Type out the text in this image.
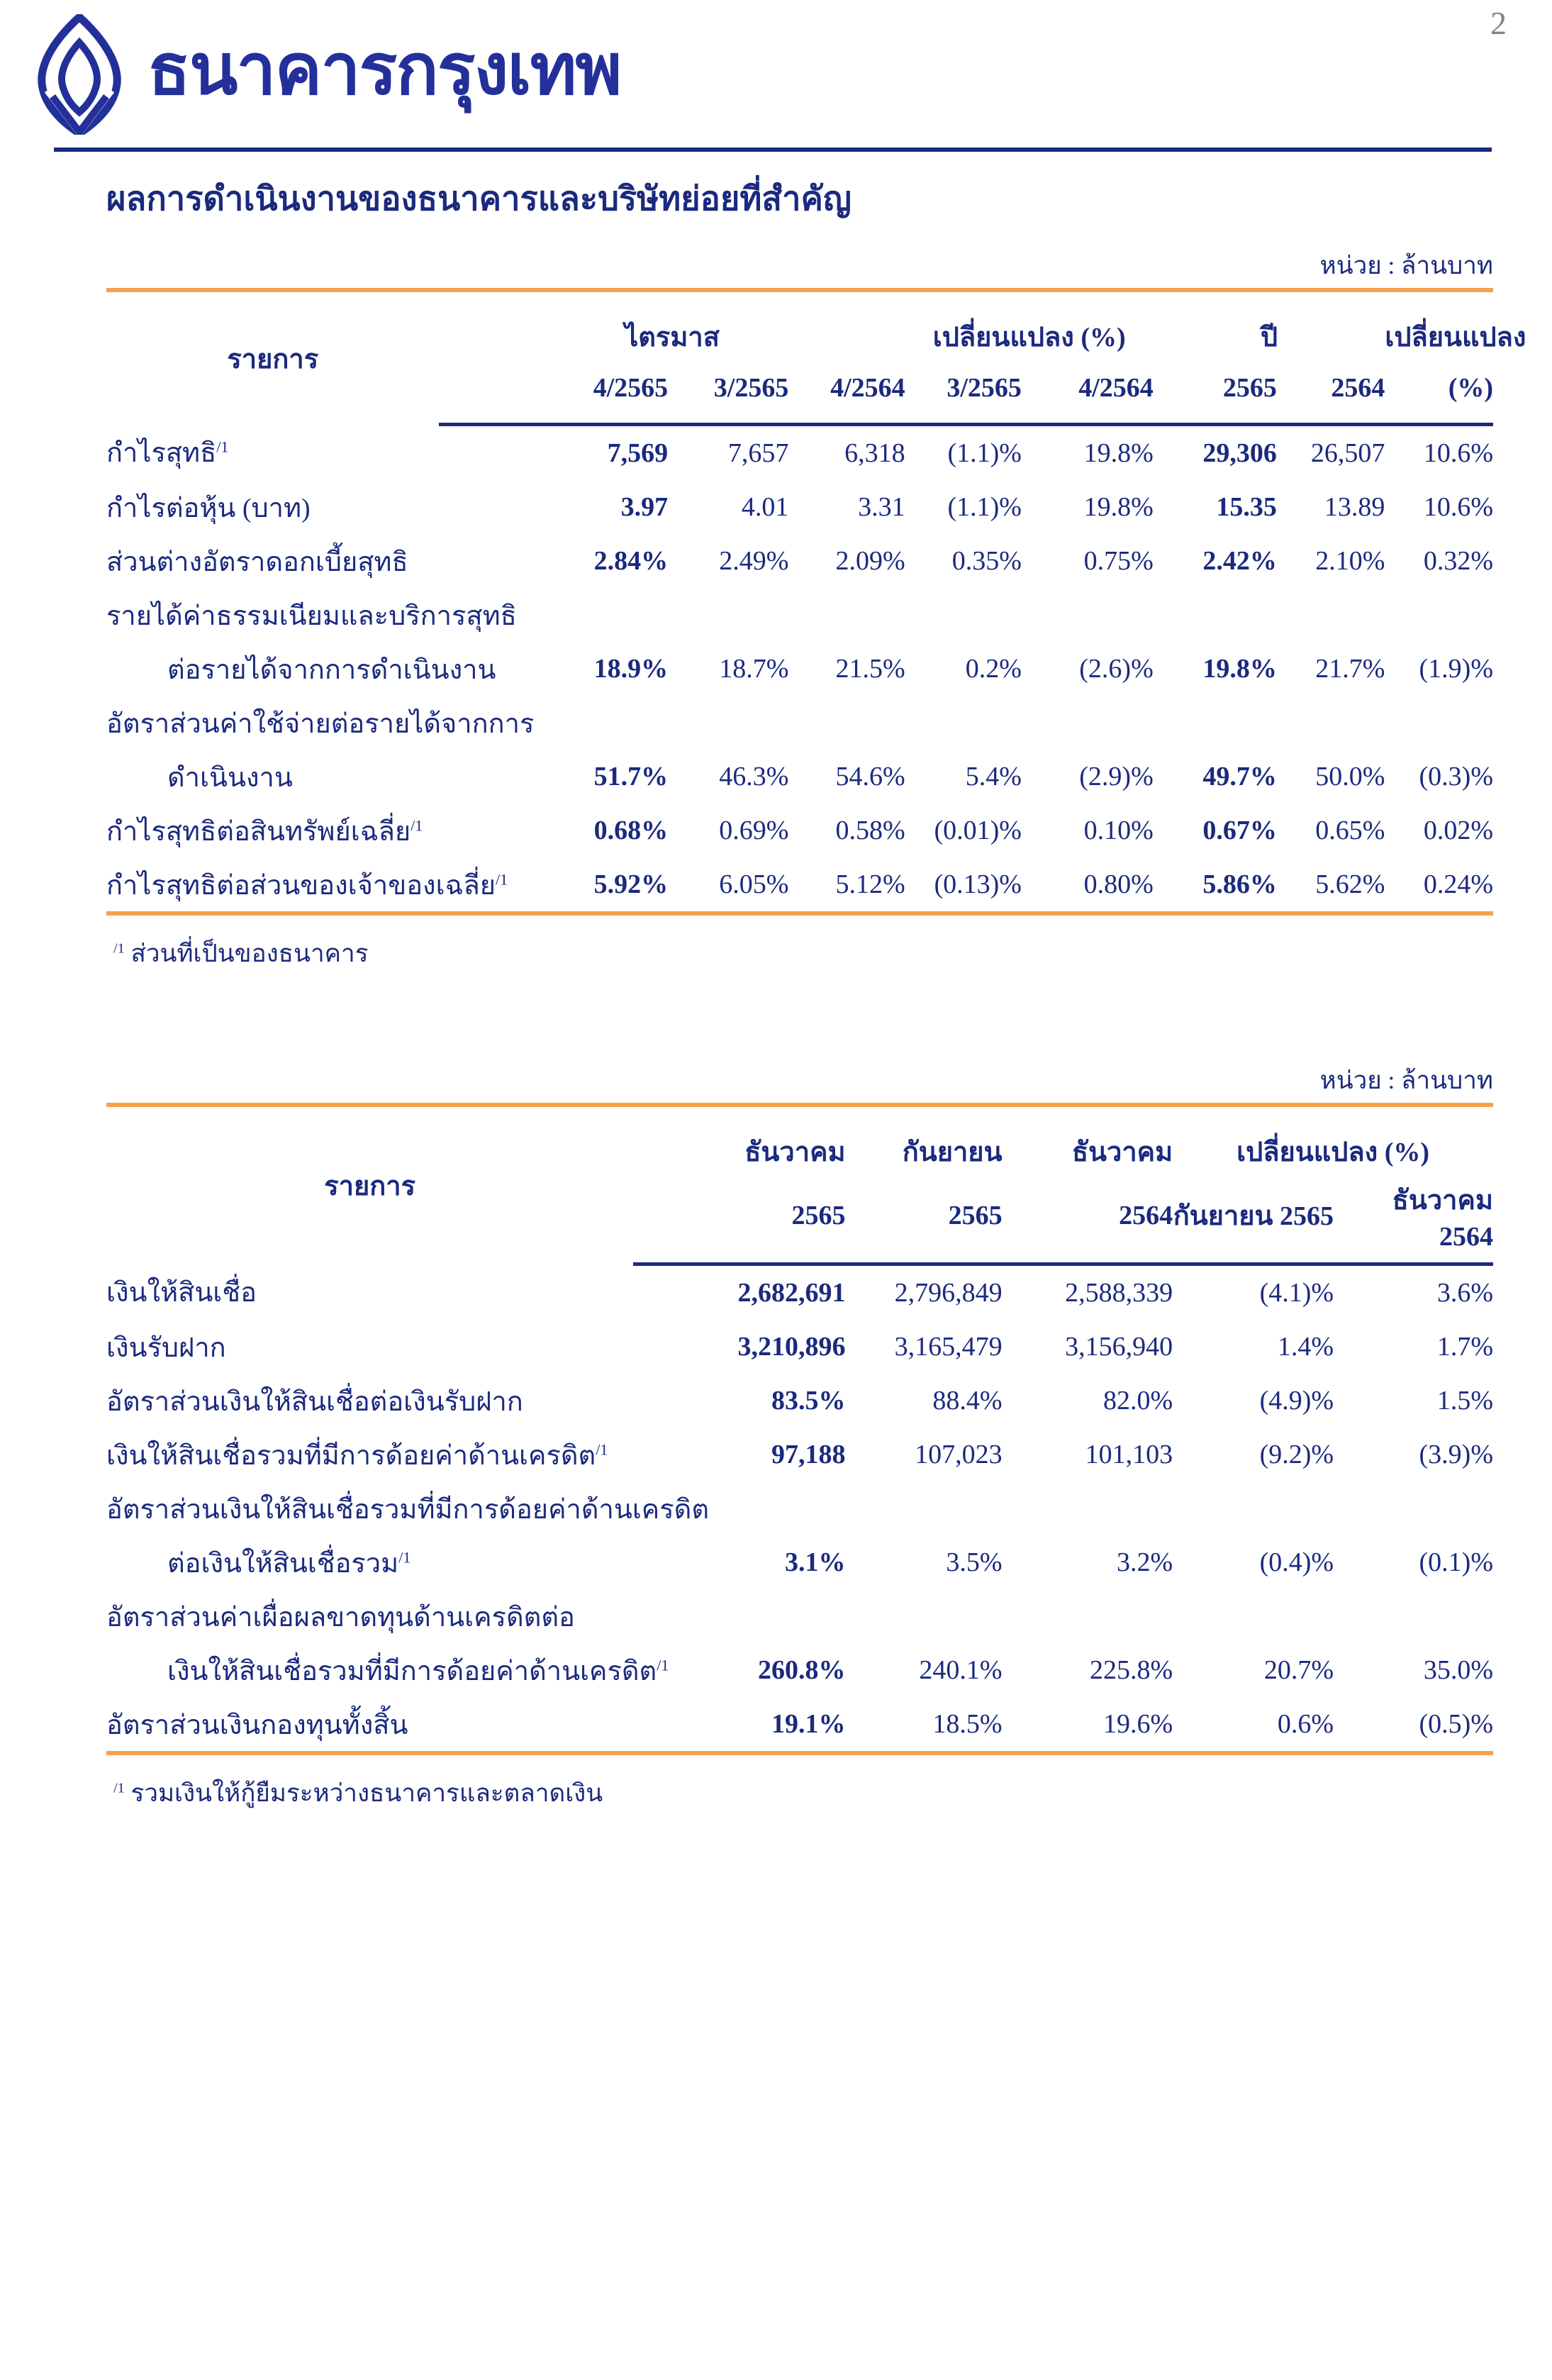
2
ธนาคารกรุงเทพ
ผลการดำเนินงานของธนาคารและบริษัทย่อยที่สำคัญ
หน่วย : ล้านบาท
รายการ	ไตรมาส			เปลี่ยนแปลง (%)		ปี		เปลี่ยนแปลง
	4/2565	3/2565	4/2564	3/2565	4/2564	2565	2564	(%)
กำไรสุทธิ$^{/1}$	7,569	7,657	6,318	(1.1)%	19.8%	29,306	26,507	10.6%
กำไรต่อหุ้น (บาท)	3.97	4.01	3.31	(1.1)%	19.8%	15.35	13.89	10.6%
ส่วนต่างอัตราดอกเบี้ยสุทธิ	2.84%	2.49%	2.09%	0.35%	0.75%	2.42%	2.10%	0.32%
รายได้ค่าธรรมเนียมและบริการสุทธิ								
ต่อรายได้จากการดำเนินงาน	18.9%	18.7%	21.5%	0.2%	(2.6)%	19.8%	21.7%	(1.9)%
อัตราส่วนค่าใช้จ่ายต่อรายได้จากการ								
ดำเนินงาน	51.7%	46.3%	54.6%	5.4%	(2.9)%	49.7%	50.0%	(0.3)%
กำไรสุทธิต่อสินทรัพย์เฉลี่ย$^{/1}$	0.68%	0.69%	0.58%	(0.01)%	0.10%	0.67%	0.65%	0.02%
กำไรสุทธิต่อส่วนของเจ้าของเฉลี่ย$^{/1}$	5.92%	6.05%	5.12%	(0.13)%	0.80%	5.86%	5.62%	0.24%
$^{/1}$ ส่วนที่เป็นของธนาคาร
หน่วย : ล้านบาท
รายการ	ธันวาคม	กันยายน	ธันวาคม	เปลี่ยนแปลง (%)	
	2565	2565	2564	กันยายน 2565	ธันวาคม 2564
เงินให้สินเชื่อ	2,682,691	2,796,849	2,588,339	(4.1)%	3.6%
เงินรับฝาก	3,210,896	3,165,479	3,156,940	1.4%	1.7%
อัตราส่วนเงินให้สินเชื่อต่อเงินรับฝาก	83.5%	88.4%	82.0%	(4.9)%	1.5%
เงินให้สินเชื่อรวมที่มีการด้อยค่าด้านเครดิต$^{/1}$	97,188	107,023	101,103	(9.2)%	(3.9)%
อัตราส่วนเงินให้สินเชื่อรวมที่มีการด้อยค่าด้านเครดิต					
ต่อเงินให้สินเชื่อรวม$^{/1}$	3.1%	3.5%	3.2%	(0.4)%	(0.1)%
อัตราส่วนค่าเผื่อผลขาดทุนด้านเครดิตต่อ					
เงินให้สินเชื่อรวมที่มีการด้อยค่าด้านเครดิต$^{/1}$	260.8%	240.1%	225.8%	20.7%	35.0%
อัตราส่วนเงินกองทุนทั้งสิ้น	19.1%	18.5%	19.6%	0.6%	(0.5)%
$^{/1}$ รวมเงินให้กู้ยืมระหว่างธนาคารและตลาดเงิน
